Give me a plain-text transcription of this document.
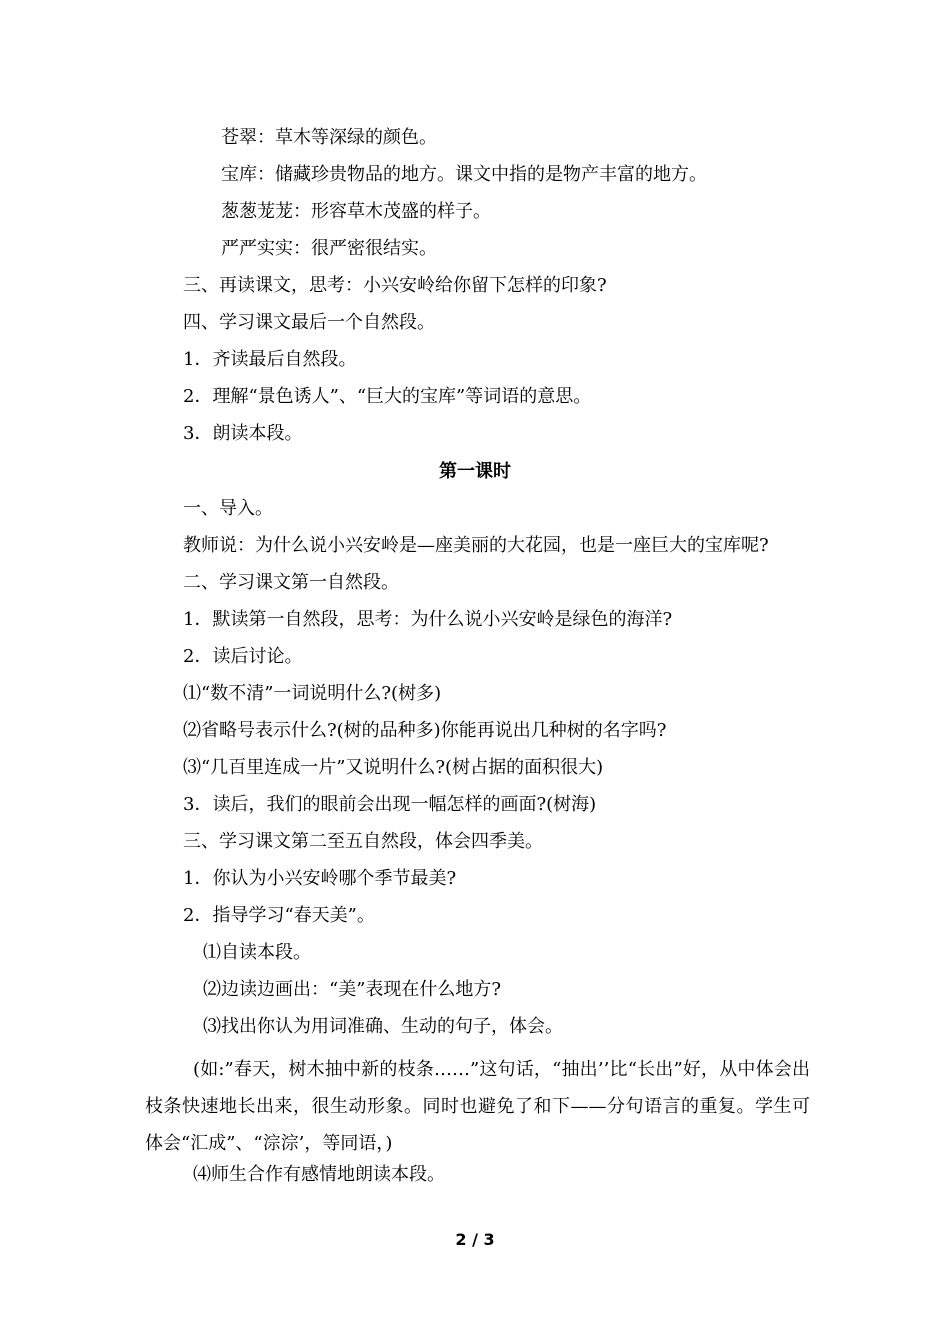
苍翠：草木等深绿的颜色。
宝库：储藏珍贵物品的地方。课文中指的是物产丰富的地方。
葱葱茏茏：形容草木茂盛的样子。
严严实实：很严密很结实。
三、再读课文，思考：小兴安岭给你留下怎样的印象?
四、学习课文最后一个自然段。
1．齐读最后自然段。
2．理解“景色诱人”、“巨大的宝库”等词语的意思。
3．朗读本段。
第一课时
一、导入。
教师说：为什么说小兴安岭是—座美丽的大花园，也是一座巨大的宝库呢?
二、学习课文第一自然段。
1．默读第一自然段，思考：为什么说小兴安岭是绿色的海洋?
2．读后讨论。
⑴“数不清”一词说明什么?(树多)
⑵省略号表示什么?(树的品种多)你能再说出几种树的名字吗?
⑶“几百里连成一片”又说明什么?(树占据的面积很大)
3．读后，我们的眼前会出现一幅怎样的画面?(树海)
三、学习课文第二至五自然段，体会四季美。
1．你认为小兴安岭哪个季节最美?
2．指导学习“春天美”。
⑴自读本段。
⑵边读边画出：“美”表现在什么地方?
⑶找出你认为用词准确、生动的句子，体会。
(如:”春天，树木抽中新的枝条……”这句话，“抽出’’比“长出”好，从中体会出枝条快速地长出来，很生动形象。同时也避免了和下——分句语言的重复。学生可体会“汇成”、“淙淙’，等同语，)
⑷师生合作有感情地朗读本段。
2 / 3
